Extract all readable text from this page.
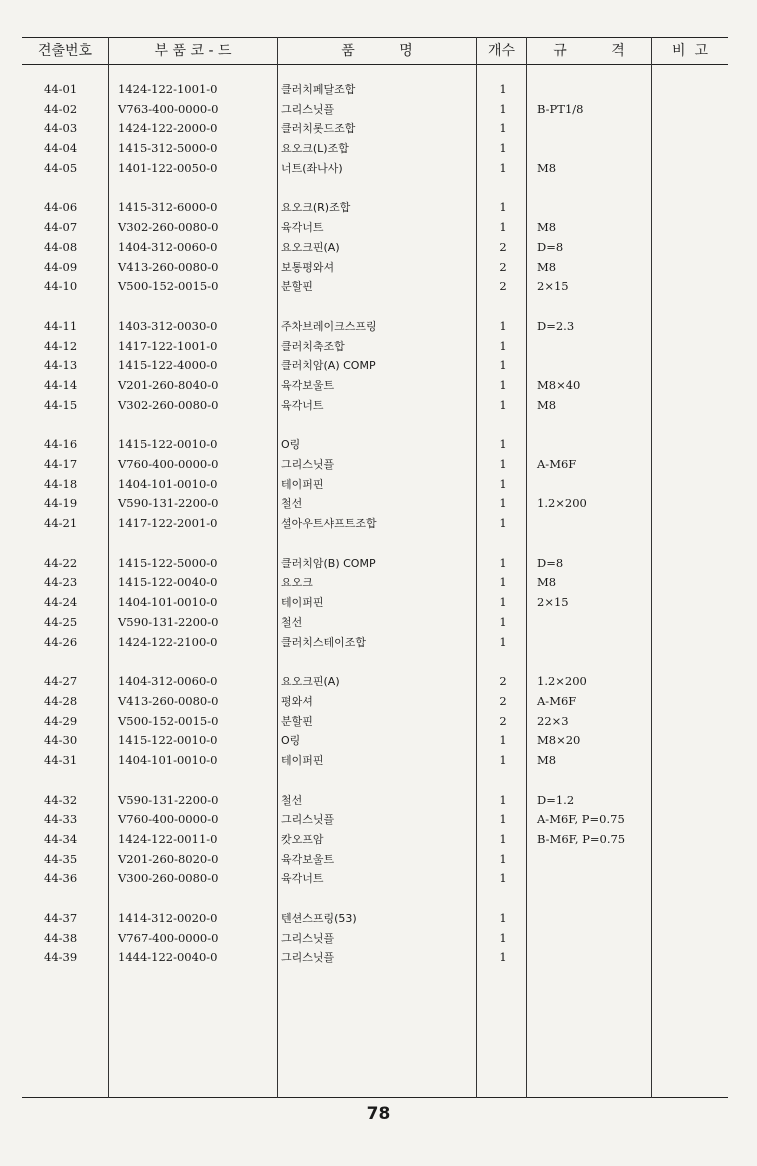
견출번호	부 품 코 - 드	품          명	개수	규          격	비  고
44-01	1424-122-1001-0	클러치페달조합	1
44-02	V763-400-0000-0	그리스닛플	1	B-PT1/8
44-03	1424-122-2000-0	클러치롯드조합	1
44-04	1415-312-5000-0	요오크(L)조합	1
44-05	1401-122-0050-0	너트(좌나사)	1	M8
44-06	1415-312-6000-0	요오크(R)조합	1
44-07	V302-260-0080-0	육각너트	1	M8
44-08	1404-312-0060-0	요오크핀(A)	2	D=8
44-09	V413-260-0080-0	보통평와셔	2	M8
44-10	V500-152-0015-0	분할핀	2	2×15
44-11	1403-312-0030-0	주차브레이크스프링	1	D=2.3
44-12	1417-122-1001-0	클러치축조합	1
44-13	1415-122-4000-0	클러치암(A) COMP	1
44-14	V201-260-8040-0	육각보울트	1	M8×40
44-15	V302-260-0080-0	육각너트	1	M8
44-16	1415-122-0010-0	O링	1
44-17	V760-400-0000-0	그리스닛플	1	A-M6F
44-18	1404-101-0010-0	테이퍼핀	1
44-19	V590-131-2200-0	철선	1	1.2×200
44-21	1417-122-2001-0	셜아우트샤프트조합	1
44-22	1415-122-5000-0	클러치암(B) COMP	1	D=8
44-23	1415-122-0040-0	요오크	1	M8
44-24	1404-101-0010-0	테이퍼핀	1	2×15
44-25	V590-131-2200-0	철선	1
44-26	1424-122-2100-0	클러치스테이조합	1
44-27	1404-312-0060-0	요오크핀(A)	2	1.2×200
44-28	V413-260-0080-0	평와셔	2	A-M6F
44-29	V500-152-0015-0	분할핀	2	22×3
44-30	1415-122-0010-0	O링	1	M8×20
44-31	1404-101-0010-0	테이퍼핀	1	M8
44-32	V590-131-2200-0	철선	1	D=1.2
44-33	V760-400-0000-0	그리스닛플	1	A-M6F, P=0.75
44-34	1424-122-0011-0	캇오프암	1	B-M6F, P=0.75
44-35	V201-260-8020-0	육각보울트	1
44-36	V300-260-0080-0	육각너트	1
44-37	1414-312-0020-0	텐션스프링(53)	1
44-38	V767-400-0000-0	그리스닛플	1
44-39	1444-122-0040-0	그리스닛플	1
78
